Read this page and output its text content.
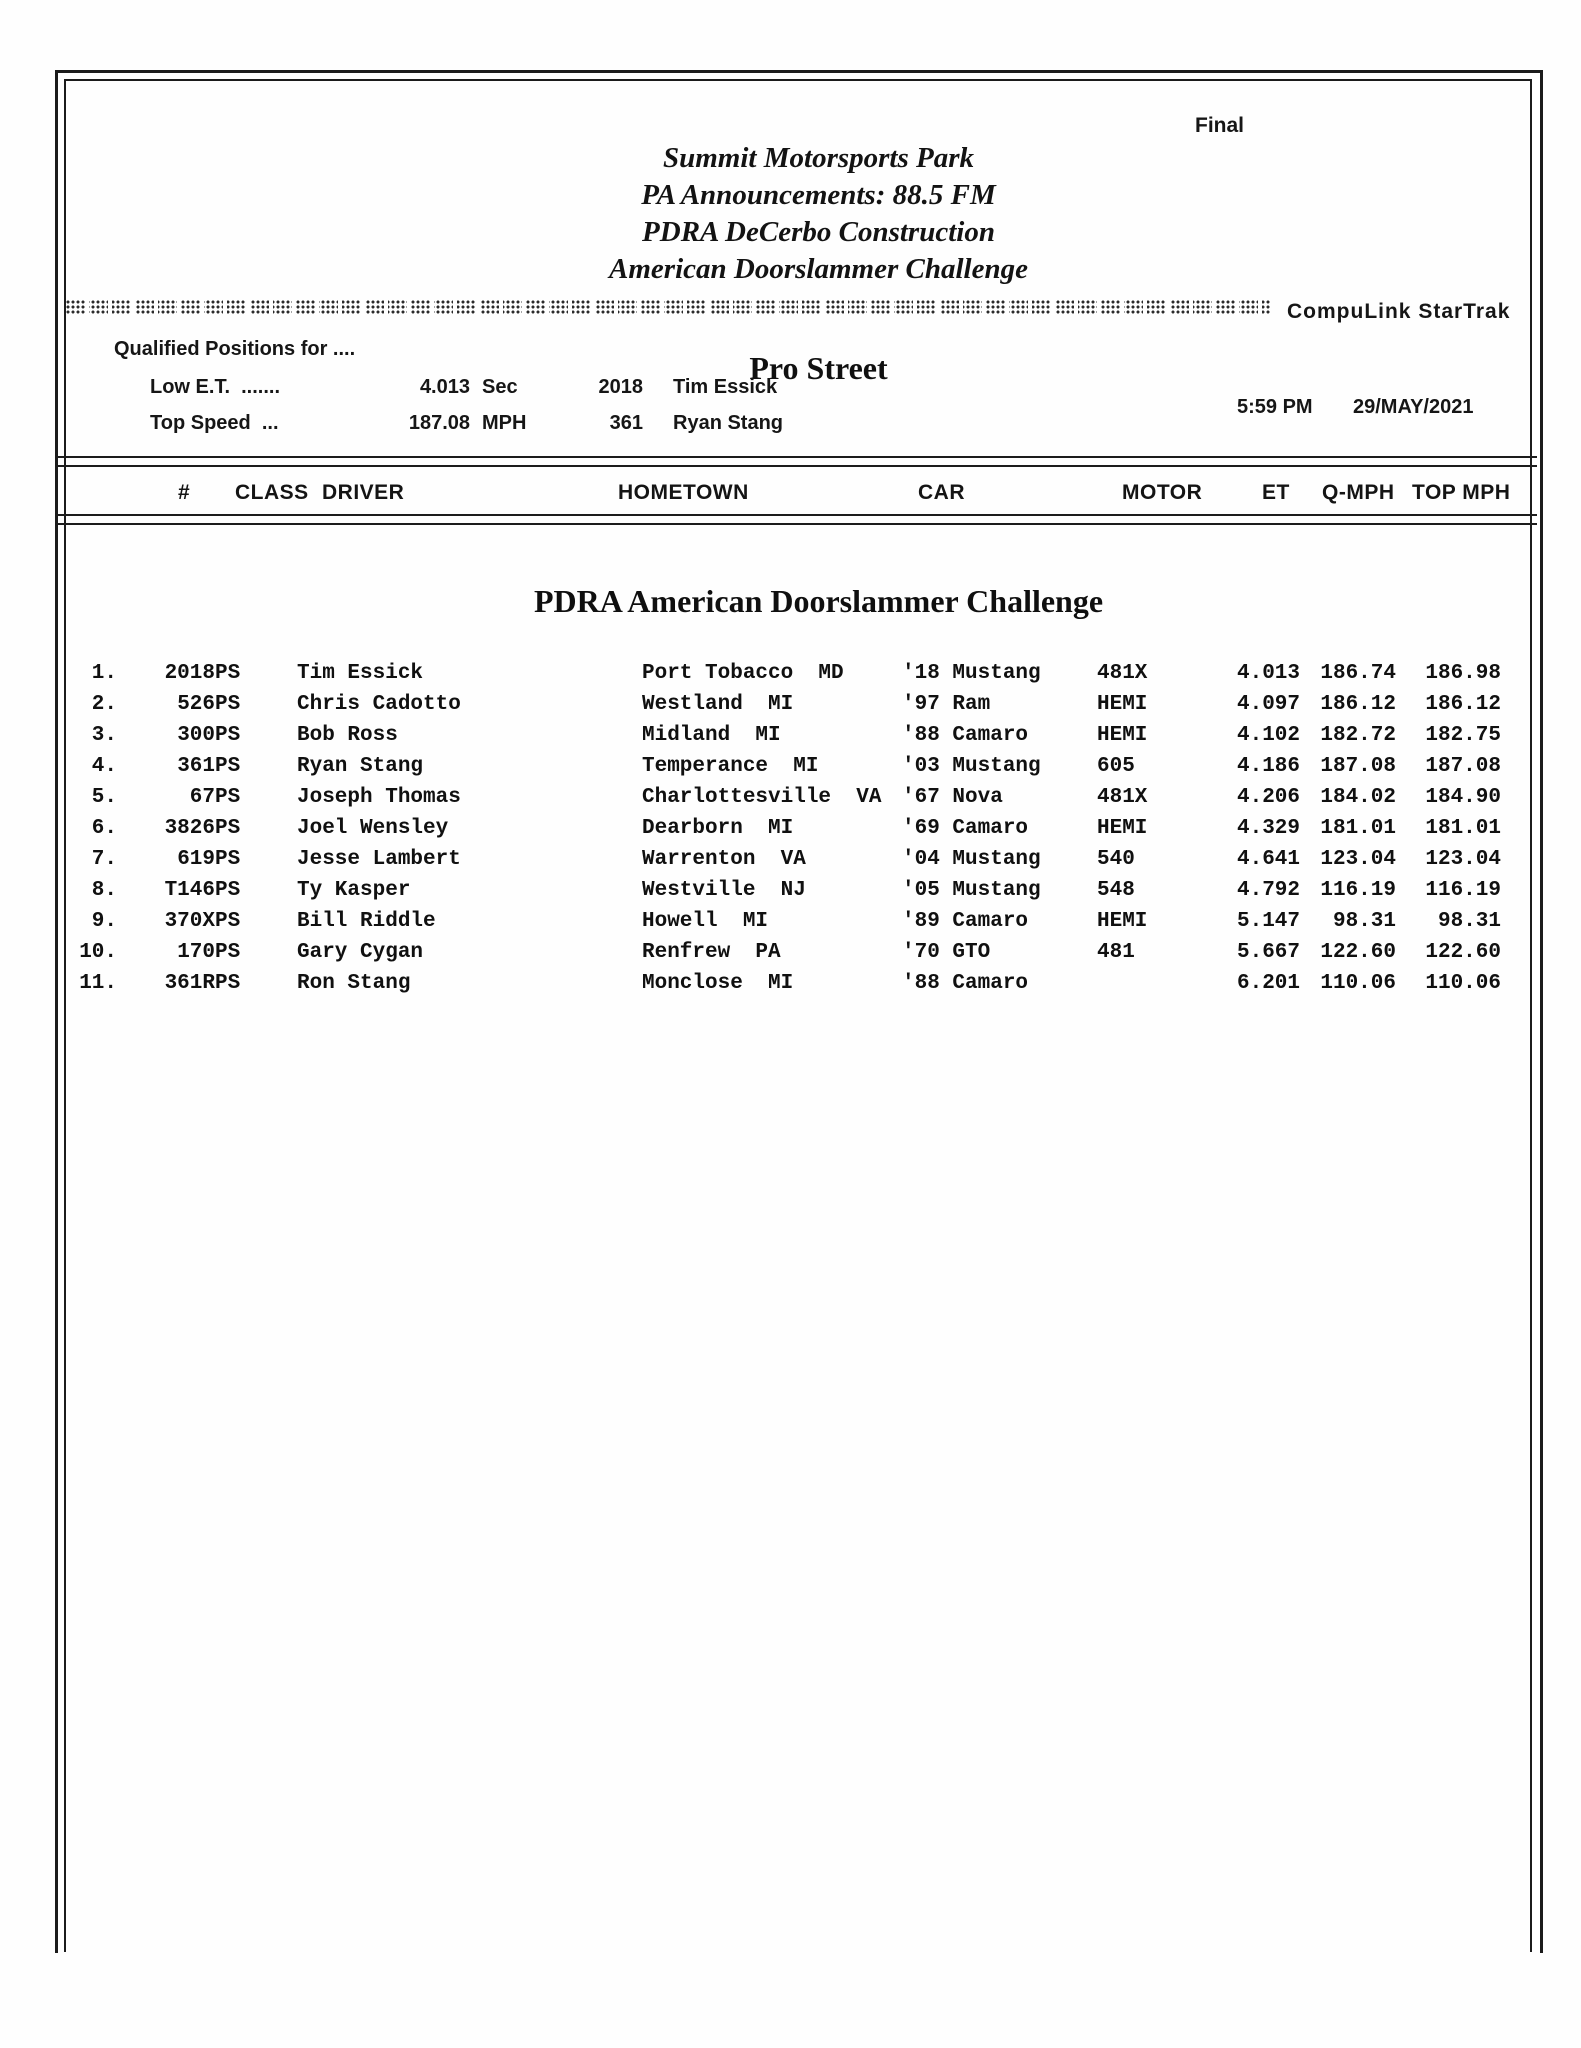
Final
Summit Motorsports Park
PA Announcements: 88.5 FM
PDRA DeCerbo Construction
American Doorslammer Challenge
CompuLink StarTrak
Qualified Positions for ....
Pro Street
Low E.T.  .......	4.013 Sec	2018 Tim Essick
5:59 PM 29/MAY/2021
Top Speed  ...	187.08 MPH	361 Ryan Stang
# CLASS DRIVER	HOMETOWN	CAR	MOTOR	ET Q-MPH TOP MPH
PDRA American Doorslammer Challenge
1.	2018	PS	Tim Essick	Port Tobacco  MD	'18 Mustang	481X	4.013	186.74	186.98
2.	526	PS	Chris Cadotto	Westland  MI	'97 Ram	HEMI	4.097	186.12	186.12
3.	300	PS	Bob Ross	Midland  MI	'88 Camaro	HEMI	4.102	182.72	182.75
4.	361	PS	Ryan Stang	Temperance  MI	'03 Mustang	605	4.186	187.08	187.08
5.	67	PS	Joseph Thomas	Charlottesville  VA	'67 Nova	481X	4.206	184.02	184.90
6.	3826	PS	Joel Wensley	Dearborn  MI	'69 Camaro	HEMI	4.329	181.01	181.01
7.	619	PS	Jesse Lambert	Warrenton  VA	'04 Mustang	540	4.641	123.04	123.04
8.	T146	PS	Ty Kasper	Westville  NJ	'05 Mustang	548	4.792	116.19	116.19
9.	370X	PS	Bill Riddle	Howell  MI	'89 Camaro	HEMI	5.147	98.31	98.31
10.	170	PS	Gary Cygan	Renfrew  PA	'70 GTO	481	5.667	122.60	122.60
11.	361R	PS	Ron Stang	Monclose  MI	'88 Camaro		6.201	110.06	110.06
